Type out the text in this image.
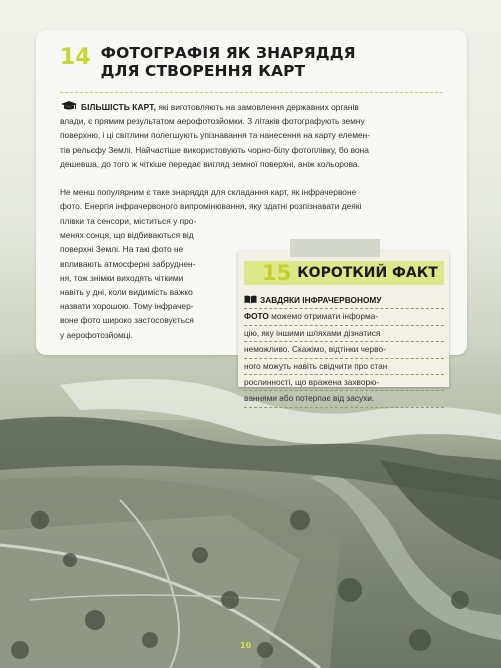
14 ФОТОГРАФІЯ ЯК ЗНАРЯДДЯ
ДЛЯ СТВОРЕННЯ КАРТ
БІЛЬШІСТЬ КАРТ, які виготовляють на замовлення державних органів
влади, є прямим результатом аерофотозйомки. З літаків фотографують земну
поверхню, і ці світлини полегшують упізнавання та нанесення на карту елемен-
тів рельєфу Землі. Найчастіше використовують чорно-білу фотоплівку, бо вона
дешевша, до того ж чіткіше передає вигляд земної поверхні, аніж кольорова.
Не менш популярним є таке знаряддя для складання карт, як інфрачервоне
фото. Енергія інфрачервоного випромінювання, яку здатні розпізнавати деякі
плівки та сенсори, міститься у про-
менях сонця, що відбиваються від
поверхні Землі. На такі фото не
впливають атмосферні забруднен-
ня, тож знімки виходять чіткими
навіть у дні, коли видимість важко
назвати хорошою. Тому інфрачер-
воне фото широко застосовується
у аерофотозйомці.
15 КОРОТКИЙ ФАКТ
ЗАВДЯКИ ІНФРАЧЕРВОНОМУ
ФОТО можемо отримати інформа-
цію, яку іншими шляхами дізнатися
неможливо. Скажімо, відтінки черво-
ного можуть навіть свідчити про стан
рослинності, що вражена захворю-
ваннями або потерпає від засухи.
10
